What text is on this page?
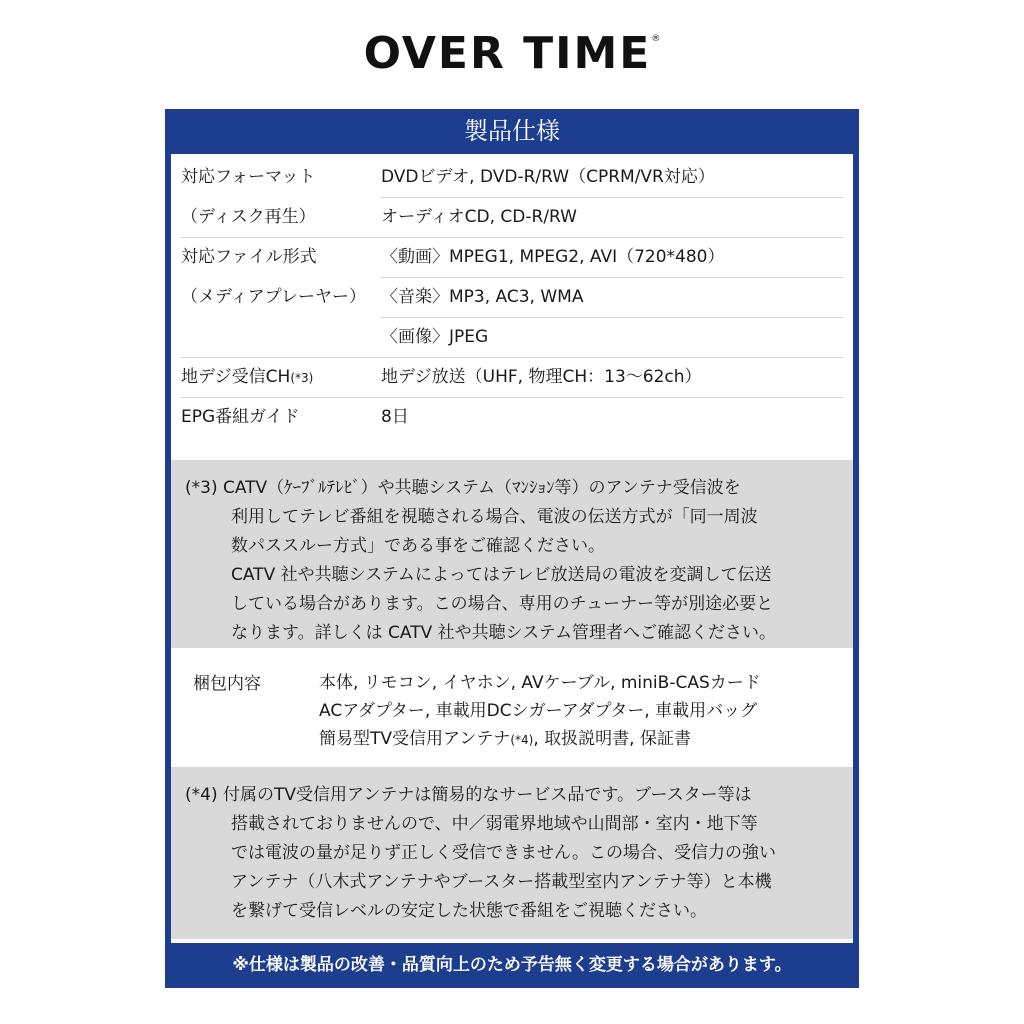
OVER TIME®
製品仕様
対応フォーマット	DVDビデオ, DVD-R/RW（CPRM/VR対応）
（ディスク再生）	オーディオCD, CD-R/RW
対応ファイル形式	〈動画〉MPEG1, MPEG2, AVI（720*480）
（メディアプレーヤー） 〈音楽〉MP3, AC3, WMA
〈画像〉JPEG
地デジ受信CH(*3)	地デジ放送（UHF, 物理CH：13〜62ch）
EPG番組ガイド	8日
(*3) CATV（ｹｰﾌﾞﾙﾃﾚﾋﾞ）や共聴システム（ﾏﾝｼｮﾝ等）のアンテナ受信波を
利用してテレビ番組を視聴される場合、電波の伝送方式が「同一周波
数パススルー方式」である事をご確認ください。
CATV 社や共聴システムによってはテレビ放送局の電波を変調して伝送
している場合があります。この場合、専用のチューナー等が別途必要と
なります。詳しくは CATV 社や共聴システム管理者へご確認ください。
梱包内容	本体, リモコン, イヤホン, AVケーブル, miniB-CASカード
ACアダプター, 車載用DCシガーアダプター, 車載用バッグ
簡易型TV受信用アンテナ(*4), 取扱説明書, 保証書
(*4) 付属のTV受信用アンテナは簡易的なサービス品です。ブースター等は
搭載されておりませんので、中／弱電界地域や山間部・室内・地下等
では電波の量が足りず正しく受信できません。この場合、受信力の強い
アンテナ（八木式アンテナやブースター搭載型室内アンテナ等）と本機
を繋げて受信レベルの安定した状態で番組をご視聴ください。
※仕様は製品の改善・品質向上のため予告無く変更する場合があります。
